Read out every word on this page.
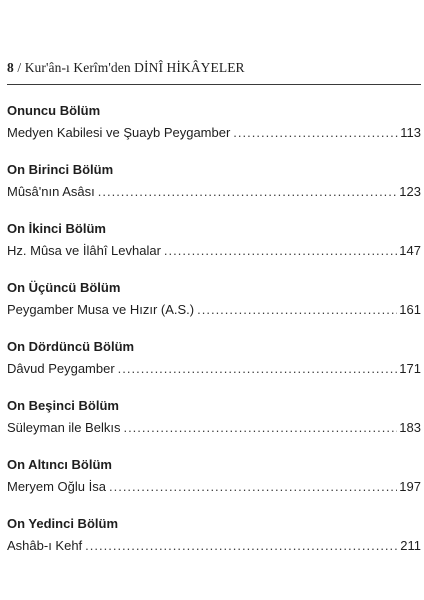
8 / Kur'ân-ı Kerîm'den DİNÎ HİKÂYELER
Onuncu Bölüm
Medyen Kabilesi ve Şuayb Peygamber .....	113
On Birinci Bölüm
Mûsâ'nın Asâsı .....	123
On İkinci Bölüm
Hz. Mûsa ve İlâhî Levhalar .....	147
On Üçüncü Bölüm
Peygamber Musa ve Hızır (A.S.) .....	161
On Dördüncü Bölüm
Dâvud Peygamber .....	171
On Beşinci Bölüm
Süleyman ile Belkıs .....	183
On Altıncı Bölüm
Meryem Oğlu İsa .....	197
On Yedinci Bölüm
Ashâb-ı Kehf .....	211
